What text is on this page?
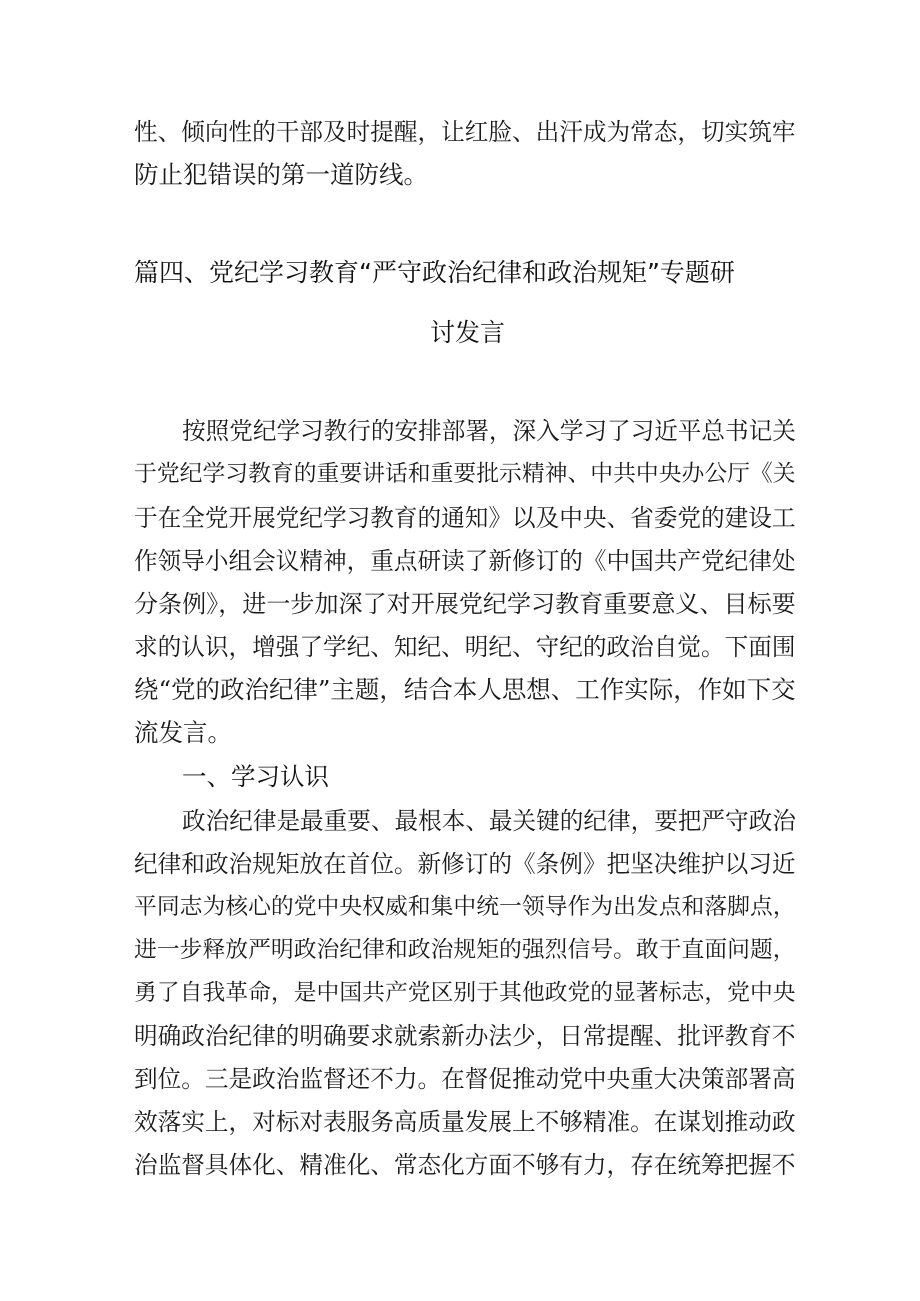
性、倾向性的干部及时提醒，让红脸、出汗成为常态，切实筑牢
防止犯错误的第一道防线。
篇四、党纪学习教育“严守政治纪律和政治规矩”专题研
讨发言
按照党纪学习教行的安排部署，深入学习了习近平总书记关
于党纪学习教育的重要讲话和重要批示精神、中共中央办公厅《关
于在全党开展党纪学习教育的通知》以及中央、省委党的建设工
作领导小组会议精神，重点研读了新修订的《中国共产党纪律处
分条例》，进一步加深了对开展党纪学习教育重要意义、目标要
求的认识，增强了学纪、知纪、明纪、守纪的政治自觉。下面围
绕“党的政治纪律”主题，结合本人思想、工作实际，作如下交
流发言。
一、学习认识
政治纪律是最重要、最根本、最关键的纪律，要把严守政治
纪律和政治规矩放在首位。新修订的《条例》把坚决维护以习近
平同志为核心的党中央权威和集中统一领导作为出发点和落脚点，
进一步释放严明政治纪律和政治规矩的强烈信号。敢于直面问题，
勇了自我革命，是中国共产党区别于其他政党的显著标志，党中央
明确政治纪律的明确要求就索新办法少，日常提醒、批评教育不
到位。三是政治监督还不力。在督促推动党中央重大决策部署高
效落实上，对标对表服务高质量发展上不够精准。在谋划推动政
治监督具体化、精准化、常态化方面不够有力，存在统筹把握不
